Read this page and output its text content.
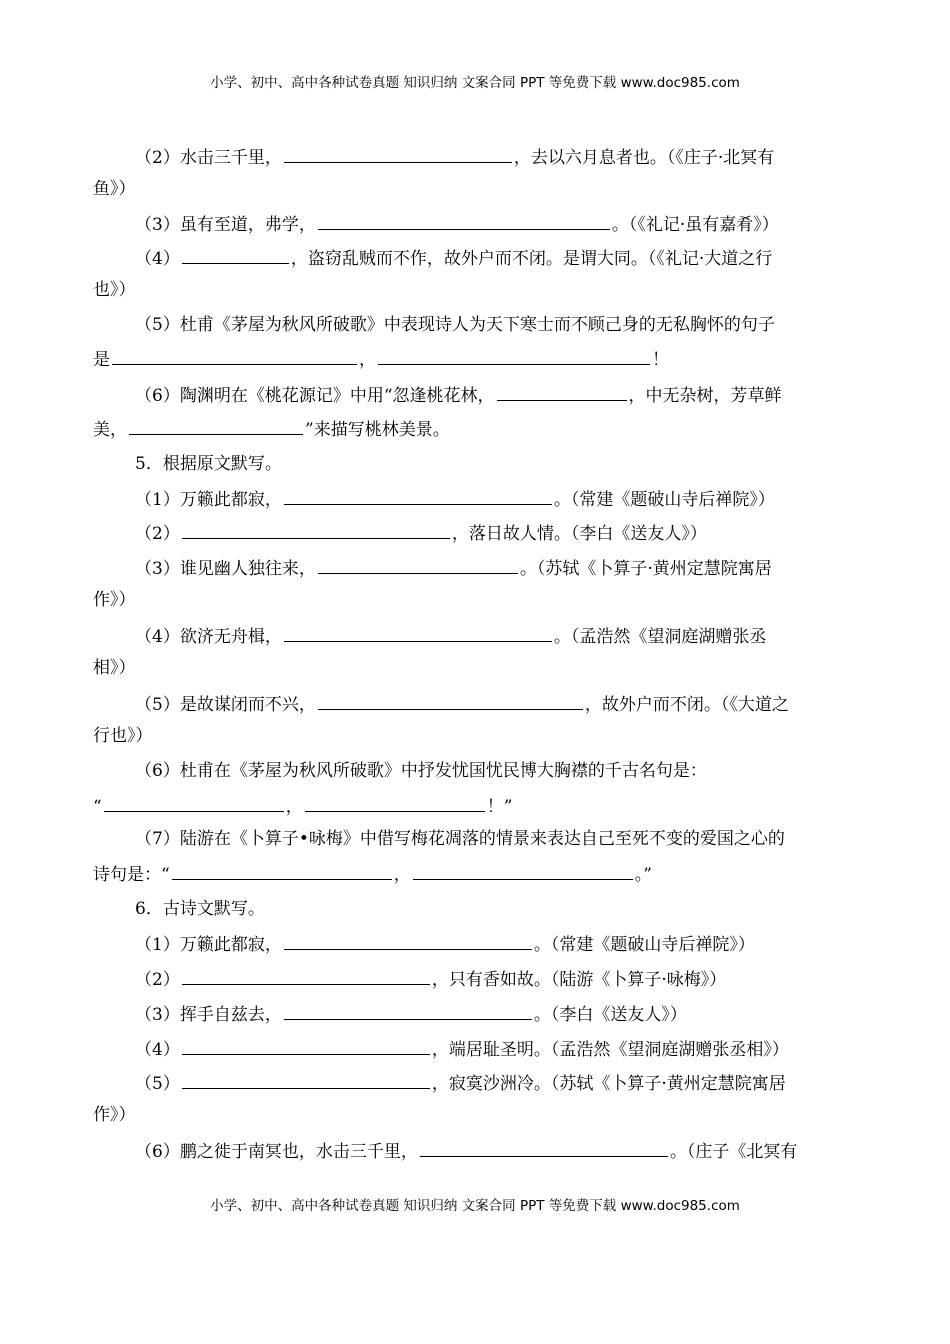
小学、初中、高中各种试卷真题 知识归纳 文案合同 PPT 等免费下载 www.doc985.com
（2）水击三千里，	，去以六月息者也。（《庄子·北冥有
鱼》）
（3）虽有至道，弗学，	。（《礼记·虽有嘉肴》）
（4）	，盗窃乱贼而不作，故外户而不闭。是谓大同。（《礼记·大道之行
也》）
（5）杜甫《茅屋为秋风所破歌》中表现诗人为天下寒士而不顾己身的无私胸怀的句子
是	，	！
（6）陶渊明在《桃花源记》中用“忽逢桃花林，	，中无杂树，芳草鲜
美，	”来描写桃林美景。
5．根据原文默写。
（1）万籁此都寂，	。（常建《题破山寺后禅院》）
（2）	，落日故人情。（李白《送友人》）
（3）谁见幽人独往来，	。（苏轼《卜算子·黄州定慧院寓居
作》）
（4）欲济无舟楫，	。（孟浩然《望洞庭湖赠张丞
相》）
（5）是故谋闭而不兴，	，故外户而不闭。（《大道之
行也》）
（6）杜甫在《茅屋为秋风所破歌》中抒发忧国忧民博大胸襟的千古名句是：
“	，	！”
（7）陆游在《卜算子•咏梅》中借写梅花凋落的情景来表达自己至死不变的爱国之心的
诗句是：“	，	。”
6．古诗文默写。
（1）万籁此都寂，	。（常建《题破山寺后禅院》）
（2）	，只有香如故。（陆游《卜算子·咏梅》）
（3）挥手自兹去，	。（李白《送友人》）
（4）	，端居耻圣明。（孟浩然《望洞庭湖赠张丞相》）
（5）	，寂寞沙洲冷。（苏轼《卜算子·黄州定慧院寓居
作》）
（6）鹏之徙于南冥也，水击三千里，	。（庄子《北冥有
小学、初中、高中各种试卷真题 知识归纳 文案合同 PPT 等免费下载 www.doc985.com
